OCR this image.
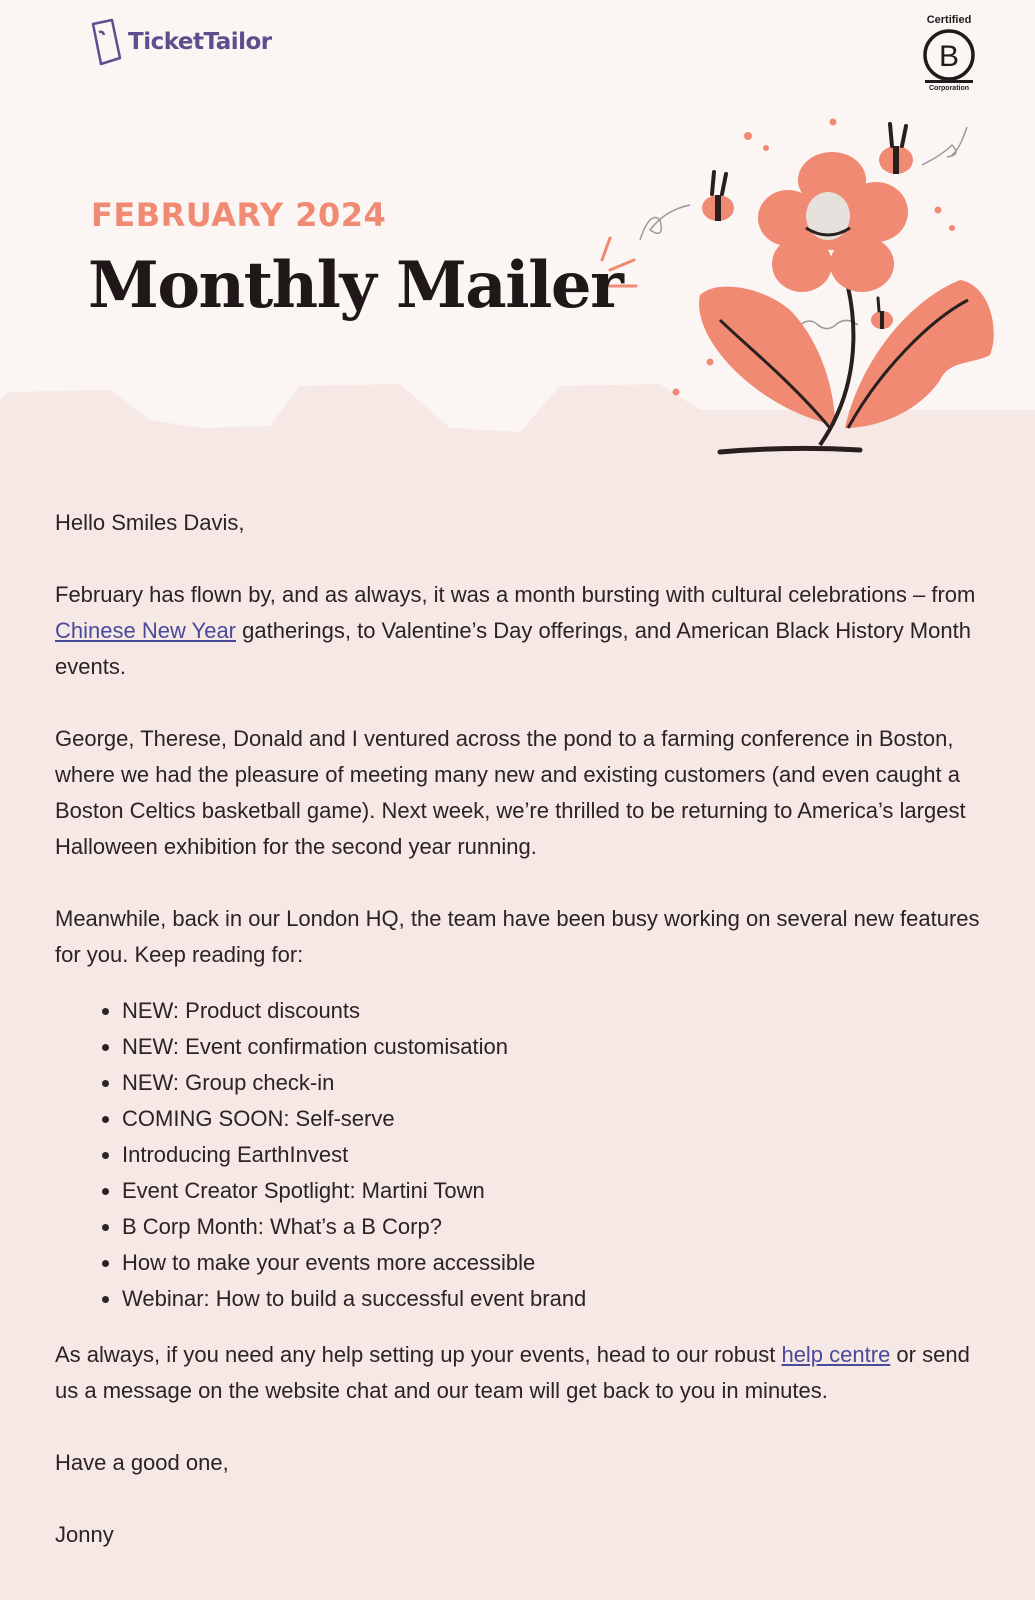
TicketTailor
Certified
B
Corporation
FEBRUARY 2024
Monthly Mailer

Hello Smiles Davis,

February has flown by, and as always, it was a month bursting with cultural celebrations – from Chinese New Year gatherings, to Valentine’s Day offerings, and American Black History Month events.

George, Therese, Donald and I ventured across the pond to a farming conference in Boston, where we had the pleasure of meeting many new and existing customers (and even caught a Boston Celtics basketball game). Next week, we’re thrilled to be returning to America’s largest Halloween exhibition for the second year running.

Meanwhile, back in our London HQ, the team have been busy working on several new features for you. Keep reading for:

• NEW: Product discounts
• NEW: Event confirmation customisation
• NEW: Group check-in
• COMING SOON: Self-serve
• Introducing EarthInvest
• Event Creator Spotlight: Martini Town
• B Corp Month: What’s a B Corp?
• How to make your events more accessible
• Webinar: How to build a successful event brand

As always, if you need any help setting up your events, head to our robust help centre or send us a message on the website chat and our team will get back to you in minutes.

Have a good one,

Jonny
